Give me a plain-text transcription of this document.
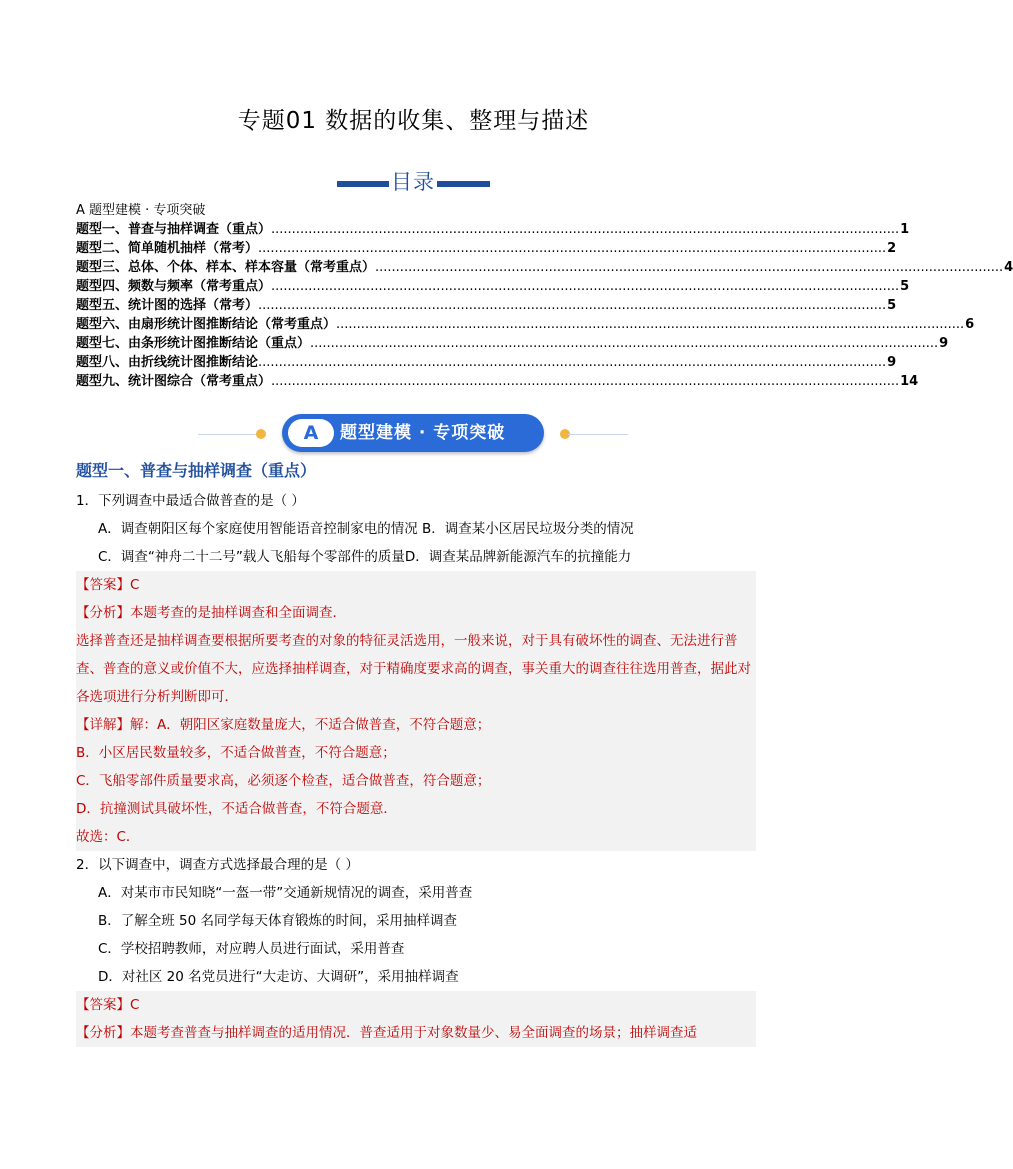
专题01 数据的收集、整理与描述
目录
A 题型建模 · 专项突破
题型一、普查与抽样调查（重点） ........................................................................................................................................................ 1
题型二、简单随机抽样（常考） ........................................................................................................................................................ 2
题型三、总体、个体、样本、样本容量（常考重点） ........................................................................................................................................................ 4
题型四、频数与频率（常考重点） ........................................................................................................................................................ 5
题型五、统计图的选择（常考） ........................................................................................................................................................ 5
题型六、由扇形统计图推断结论（常考重点） ........................................................................................................................................................ 6
题型七、由条形统计图推断结论（重点） ........................................................................................................................................................ 9
题型八、由折线统计图推断结论 ........................................................................................................................................................ 9
题型九、统计图综合（常考重点） ........................................................................................................................................................ 14
A	题型建模 · 专项突破
题型一、普查与抽样调查（重点）
1．下列调查中最适合做普查的是（ ）
A．调查朝阳区每个家庭使用智能语音控制家电的情况 B．调查某小区居民垃圾分类的情况
C．调查“神舟二十二号”载人飞船每个零部件的质量D．调查某品牌新能源汽车的抗撞能力
【答案】C
【分析】本题考查的是抽样调查和全面调查．
选择普查还是抽样调查要根据所要考查的对象的特征灵活选用，一般来说，对于具有破坏性的调查、无法进行普查、普查的意义或价值不大，应选择抽样调查，对于精确度要求高的调查，事关重大的调查往往选用普查，据此对各选项进行分析判断即可．
【详解】解：A．朝阳区家庭数量庞大，不适合做普查，不符合题意；
B．小区居民数量较多，不适合做普查，不符合题意；
C．飞船零部件质量要求高，必须逐个检查，适合做普查，符合题意；
D．抗撞测试具破坏性，不适合做普查，不符合题意．
故选：C．
2．以下调查中，调查方式选择最合理的是（ ）
A．对某市市民知晓“一盔一带”交通新规情况的调查，采用普查
B．了解全班 50 名同学每天体育锻炼的时间，采用抽样调查
C．学校招聘教师，对应聘人员进行面试，采用普查
D．对社区 20 名党员进行“大走访、大调研”，采用抽样调查
【答案】C
【分析】本题考查普查与抽样调查的适用情况．普查适用于对象数量少、易全面调查的场景；抽样调查适
